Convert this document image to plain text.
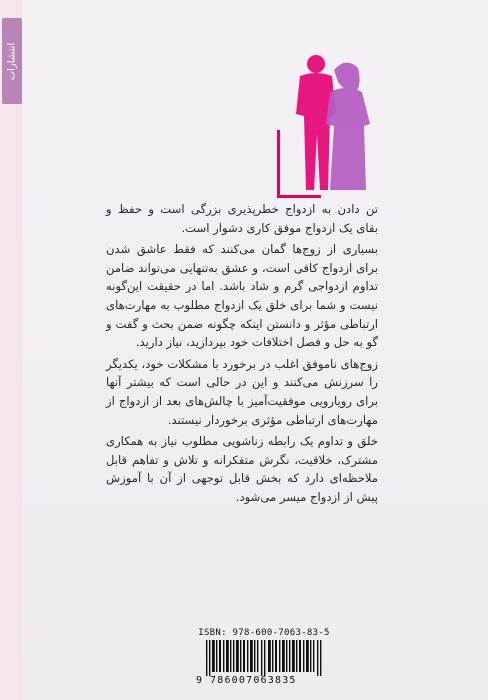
انتشارات

تن دادن به ازدواج خطرپذیری بزرگی است و حفظ و بقای یک ازدواج موفق کاری دشوار است.

بسیاری از زوج‌ها گمان می‌کنند که فقط عاشق شدن برای ازدواج کافی است، و عشق به‌تنهایی می‌تواند ضامن تداوم ازدواجی گرم و شاد باشد. اما در حقیقت این‌گونه نیست و شما برای خلق یک ازدواج مطلوب به مهارت‌های ارتباطی مؤثر و دانستن اینکه چگونه ضمن بحث و گفت و گو به حل و فصل اختلافات خود بپردازید، نیاز دارید.

زوج‌های ناموفق اغلب در برخورد با مشکلات خود، یکدیگر را سرزنش می‌کنند و این در حالی است که بیشتر آنها برای رویارویی موفقیت‌آمیز با چالش‌های بعد از ازدواج از مهارت‌های ارتباطی مؤثری برخوردار نیستند.

خلق و تداوم یک رابطه زناشویی مطلوب نیاز به همکاری مشترک، خلاقیت، نگرش متفکرانه و تلاش و تفاهم قابل ملاحظه‌ای دارد که بخش قابل توجهی از آن با آموزش پیش از ازدواج میسر می‌شود.

ISBN: 978-600-7063-83-5
9 786007063835
